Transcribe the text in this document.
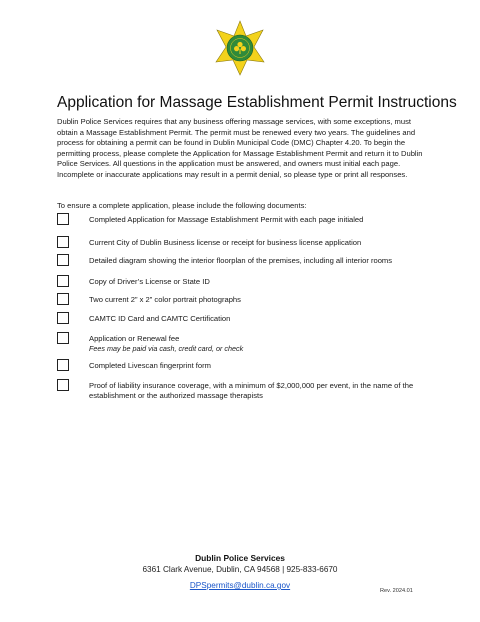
Application for Massage Establishment Permit Instructions
Dublin Police Services requires that any business offering massage services, with some exceptions, must obtain a Massage Establishment Permit. The permit must be renewed every two years. The guidelines and process for obtaining a permit can be found in Dublin Municipal Code (DMC) Chapter 4.20. To begin the permitting process, please complete the Application for Massage Establishment Permit and return it to Dublin Police Services. All questions in the application must be answered, and owners must initial each page. Incomplete or inaccurate applications may result in a permit denial, so please type or print all responses.
To ensure a complete application, please include the following documents:
Completed Application for Massage Establishment Permit with each page initialed
Current City of Dublin Business license or receipt for business license application
Detailed diagram showing the interior floorplan of the premises, including all interior rooms
Copy of Driver’s License or State ID
Two current 2” x 2” color portrait photographs
CAMTC ID Card and CAMTC Certification
Application or Renewal fee
Fees may be paid via cash, credit card, or check
Completed Livescan fingerprint form
Proof of liability insurance coverage, with a minimum of $2,000,000 per event, in the name of the establishment or the authorized massage therapists
Dublin Police Services
6361 Clark Avenue, Dublin, CA 94568 | 925-833-6670
DPSpermits@dublin.ca.gov
Rev. 2024.01
